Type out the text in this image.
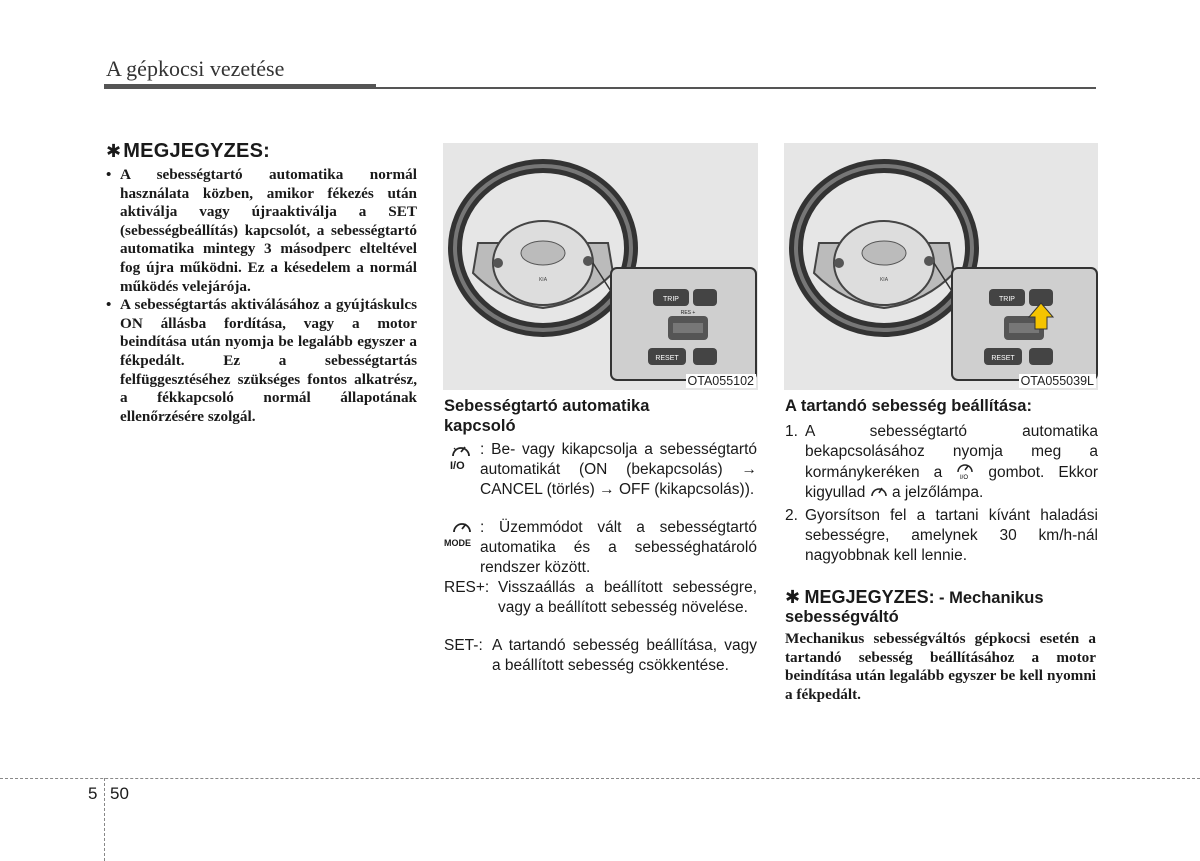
A gépkocsi vezetése
✱ MEGJEGYZES:
• A sebességtartó automatika normál használata közben, amikor fékezés után aktiválja vagy újraaktiválja a SET (sebességbeállítás) kapcsolót, a sebességtartó automatika mintegy 3 másodperc elteltével fog újra működni. Ez a késedelem a normál működés velejárója.
• A sebességtartás aktiválásához a gyújtáskulcs ON állásba fordítása, vagy a motor beindítása után nyomja be legalább egyszer a fékpedált. Ez a sebességtartás felfüggesztéséhez szükséges fontos alkatrész, a fékkapcsoló normál állapotának ellenőrzésére szolgál.
KIA
TRIP
RES +
RESET
OTA055102
KIA
TRIP
RESET
OTA055039L
Sebességtartó automatika kapcsoló
I/O
: Be- vagy kikapcsolja a sebességtartó automatikát (ON (bekapcsolás) → CANCEL (törlés) → OFF (kikapcsolás)).
MODE
: Üzemmódot vált a sebességtartó automatika és a sebességhatároló rendszer között.
RES+: Visszaállás a beállított sebességre, vagy a beállított sebesség növelése.
SET-: A tartandó sebesség beállítása, vagy a beállított sebesség csökkentése.
A tartandó sebesség beállítása:
1. A sebességtartó automatika bekapcsolásához nyomja meg a kormánykeréken a	I/O gombot. Ekkor kigyullad a jelzőlámpa.
2. Gyorsítson fel a tartani kívánt haladási sebességre, amelynek 30 km/h-nál nagyobbnak kell lennie.
✱ MEGJEGYZES: - Mechanikus sebességváltó
Mechanikus sebességváltós gépkocsi esetén a tartandó sebesség beállításához a motor beindítása után legalább egyszer be kell nyomni a fékpedált.
5 50
